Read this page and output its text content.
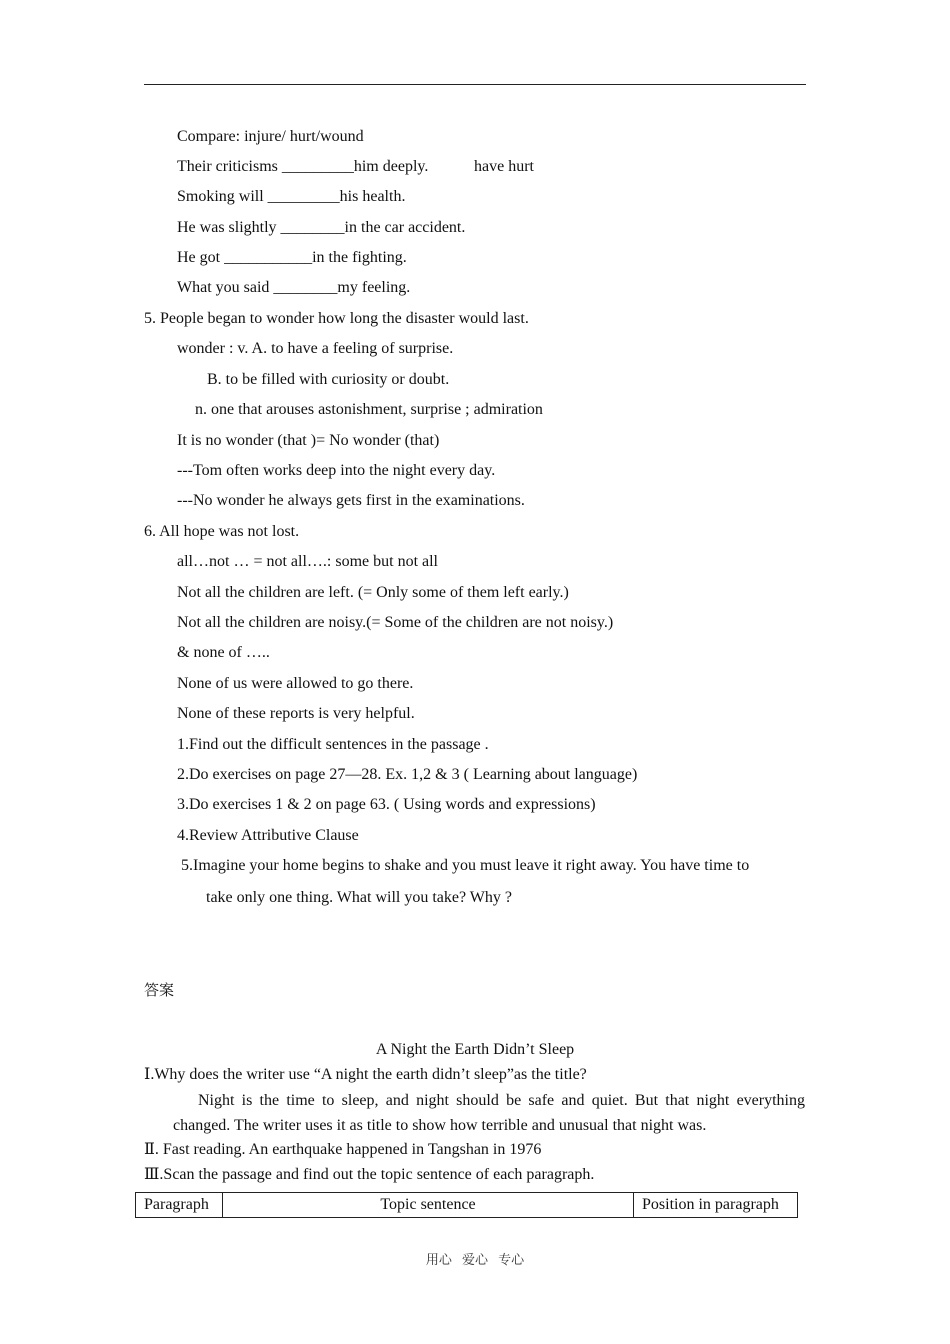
Compare: injure/ hurt/wound
Their criticisms _________him deeply.	have hurt
Smoking will _________his health.
He was slightly ________in the car accident.
He got ___________in the fighting.
What you said ________my feeling.
5. People began to wonder how long the disaster would last.
wonder : v. A. to have a feeling of surprise.
B. to be filled with curiosity or doubt.
n. one that arouses astonishment, surprise ; admiration
It is no wonder (that )= No wonder (that)
---Tom often works deep into the night every day.
---No wonder he always gets first in the examinations.
6. All hope was not lost.
all…not … = not all….: some but not all
Not all the children are left. (= Only some of them left early.)
Not all the children are noisy.(= Some of the children are not noisy.)
& none of …..
None of us were allowed to go there.
None of these reports is very helpful.
1.Find out the difficult sentences in the passage .
2.Do exercises on page 27—28. Ex. 1,2 & 3 ( Learning about language)
3.Do exercises 1 & 2 on page 63. ( Using words and expressions)
4.Review Attributive Clause
5.Imagine your home begins to shake and you must leave it right away. You have time to
take only one thing. What will you take? Why ?
答案
A Night the Earth Didn’t Sleep
Ⅰ.Why does the writer use “A night the earth didn’t sleep”as the title?
Night is the time to sleep, and night should be safe and quiet. But that night everything changed. The writer uses it as title to show how terrible and unusual that night was.
Ⅱ. Fast reading. An earthquake happened in Tangshan in 1976
Ⅲ.Scan the passage and find out the topic sentence of each paragraph.
Paragraph	Topic sentence	Position in paragraph
用心 爱心 专心
